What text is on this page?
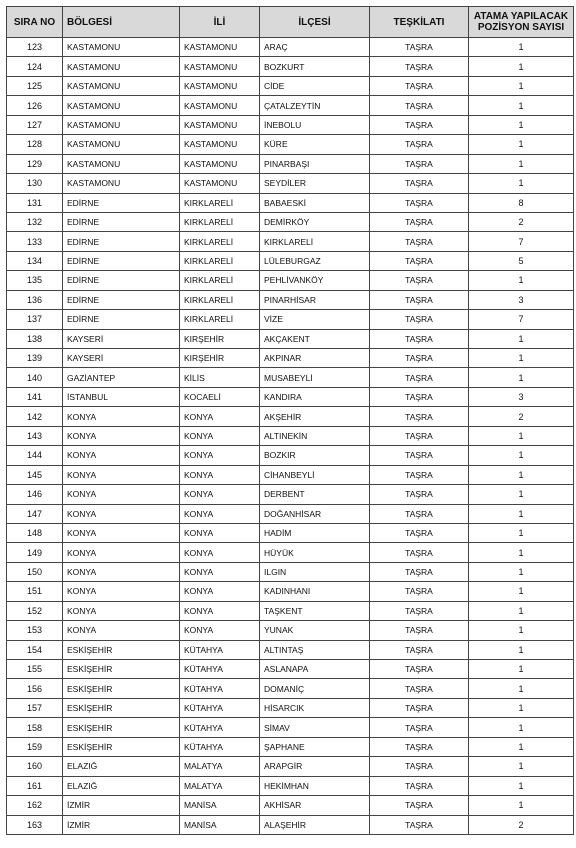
SIRA NO	BÖLGESİ	İLİ	İLÇESİ	TEŞKİLATI	ATAMA YAPILACAK POZİSYON SAYISI
123	KASTAMONU	KASTAMONU	ARAÇ	TAŞRA	1
124	KASTAMONU	KASTAMONU	BOZKURT	TAŞRA	1
125	KASTAMONU	KASTAMONU	CİDE	TAŞRA	1
126	KASTAMONU	KASTAMONU	ÇATALZEYTİN	TAŞRA	1
127	KASTAMONU	KASTAMONU	İNEBOLU	TAŞRA	1
128	KASTAMONU	KASTAMONU	KÜRE	TAŞRA	1
129	KASTAMONU	KASTAMONU	PINARBAŞI	TAŞRA	1
130	KASTAMONU	KASTAMONU	SEYDİLER	TAŞRA	1
131	EDİRNE	KIRKLARELİ	BABAESKİ	TAŞRA	8
132	EDİRNE	KIRKLARELİ	DEMİRKÖY	TAŞRA	2
133	EDİRNE	KIRKLARELİ	KIRKLARELİ	TAŞRA	7
134	EDİRNE	KIRKLARELİ	LÜLEBURGAZ	TAŞRA	5
135	EDİRNE	KIRKLARELİ	PEHLİVANKÖY	TAŞRA	1
136	EDİRNE	KIRKLARELİ	PINARHİSAR	TAŞRA	3
137	EDİRNE	KIRKLARELİ	VİZE	TAŞRA	7
138	KAYSERİ	KIRŞEHİR	AKÇAKENT	TAŞRA	1
139	KAYSERİ	KIRŞEHİR	AKPINAR	TAŞRA	1
140	GAZİANTEP	KİLİS	MUSABEYLİ	TAŞRA	1
141	İSTANBUL	KOCAELİ	KANDIRA	TAŞRA	3
142	KONYA	KONYA	AKŞEHİR	TAŞRA	2
143	KONYA	KONYA	ALTINEKİN	TAŞRA	1
144	KONYA	KONYA	BOZKIR	TAŞRA	1
145	KONYA	KONYA	CİHANBEYLİ	TAŞRA	1
146	KONYA	KONYA	DERBENT	TAŞRA	1
147	KONYA	KONYA	DOĞANHİSAR	TAŞRA	1
148	KONYA	KONYA	HADİM	TAŞRA	1
149	KONYA	KONYA	HÜYÜK	TAŞRA	1
150	KONYA	KONYA	ILGIN	TAŞRA	1
151	KONYA	KONYA	KADINHANI	TAŞRA	1
152	KONYA	KONYA	TAŞKENT	TAŞRA	1
153	KONYA	KONYA	YUNAK	TAŞRA	1
154	ESKİŞEHİR	KÜTAHYA	ALTINTAŞ	TAŞRA	1
155	ESKİŞEHİR	KÜTAHYA	ASLANAPA	TAŞRA	1
156	ESKİŞEHİR	KÜTAHYA	DOMANİÇ	TAŞRA	1
157	ESKİŞEHİR	KÜTAHYA	HİSARCIK	TAŞRA	1
158	ESKİŞEHİR	KÜTAHYA	SİMAV	TAŞRA	1
159	ESKİŞEHİR	KÜTAHYA	ŞAPHANE	TAŞRA	1
160	ELAZIĞ	MALATYA	ARAPGİR	TAŞRA	1
161	ELAZIĞ	MALATYA	HEKİMHAN	TAŞRA	1
162	İZMİR	MANİSA	AKHİSAR	TAŞRA	1
163	İZMİR	MANİSA	ALAŞEHİR	TAŞRA	2
